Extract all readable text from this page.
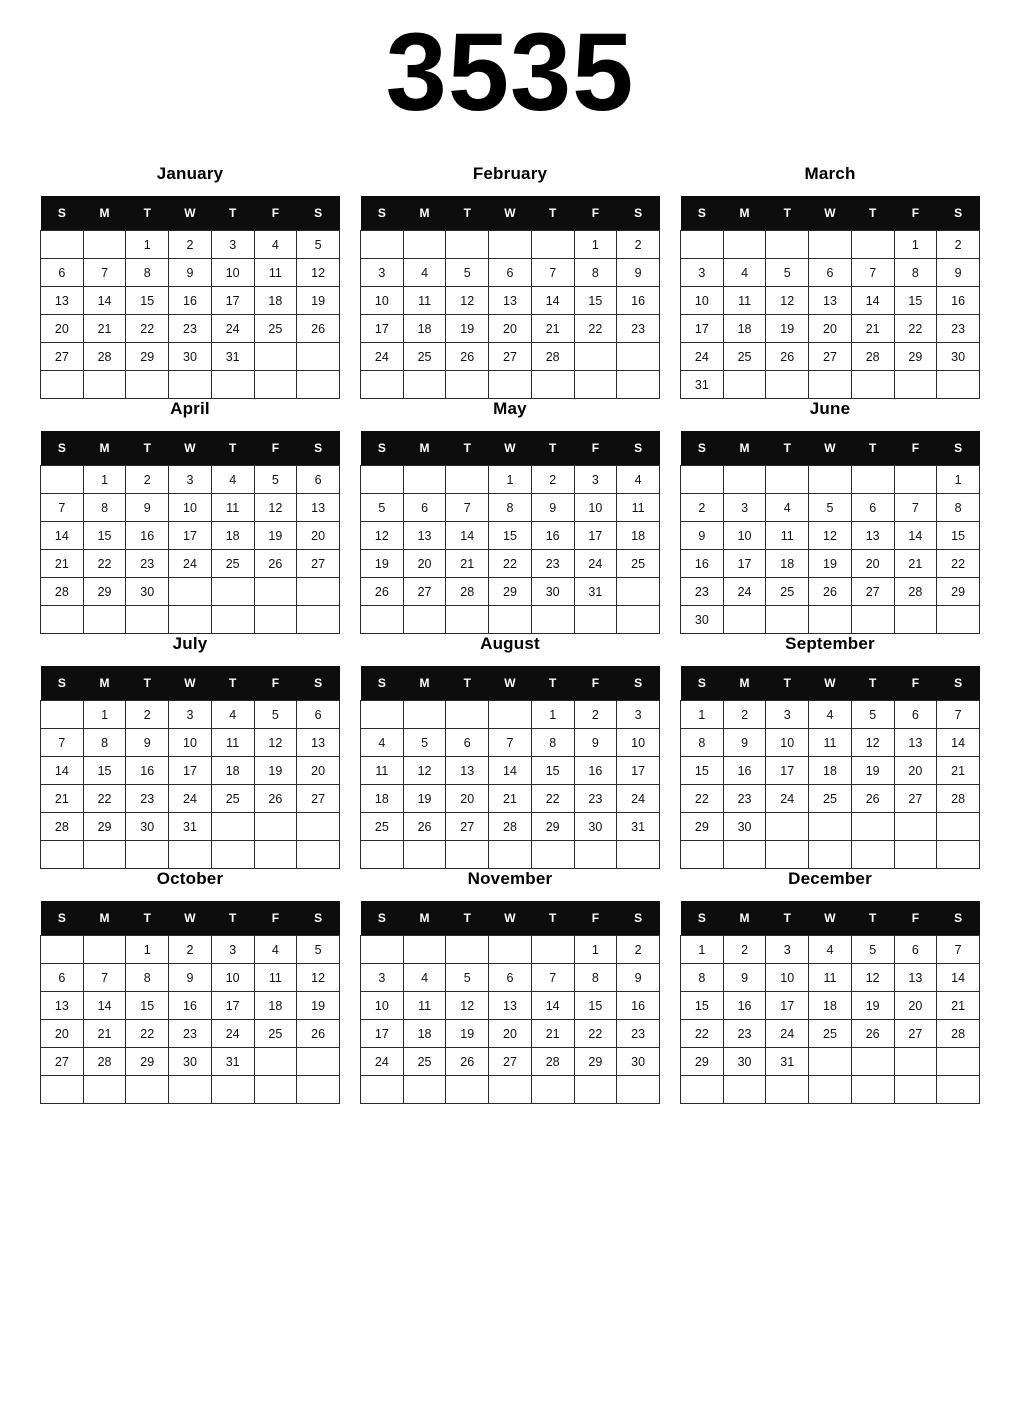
3535
January
S	M	T	W	T	F	S
		1	2	3	4	5
6	7	8	9	10	11	12
13	14	15	16	17	18	19
20	21	22	23	24	25	26
27	28	29	30	31		

February
S	M	T	W	T	F	S
					1	2
3	4	5	6	7	8	9
10	11	12	13	14	15	16
17	18	19	20	21	22	23
24	25	26	27	28		

March
S	M	T	W	T	F	S
					1	2
3	4	5	6	7	8	9
10	11	12	13	14	15	16
17	18	19	20	21	22	23
24	25	26	27	28	29	30
31						
April
S	M	T	W	T	F	S
	1	2	3	4	5	6
7	8	9	10	11	12	13
14	15	16	17	18	19	20
21	22	23	24	25	26	27
28	29	30				

May
S	M	T	W	T	F	S
			1	2	3	4
5	6	7	8	9	10	11
12	13	14	15	16	17	18
19	20	21	22	23	24	25
26	27	28	29	30	31	

June
S	M	T	W	T	F	S
						1
2	3	4	5	6	7	8
9	10	11	12	13	14	15
16	17	18	19	20	21	22
23	24	25	26	27	28	29
30						
July
S	M	T	W	T	F	S
	1	2	3	4	5	6
7	8	9	10	11	12	13
14	15	16	17	18	19	20
21	22	23	24	25	26	27
28	29	30	31			

August
S	M	T	W	T	F	S
				1	2	3
4	5	6	7	8	9	10
11	12	13	14	15	16	17
18	19	20	21	22	23	24
25	26	27	28	29	30	31

September
S	M	T	W	T	F	S
1	2	3	4	5	6	7
8	9	10	11	12	13	14
15	16	17	18	19	20	21
22	23	24	25	26	27	28
29	30					

October
S	M	T	W	T	F	S
		1	2	3	4	5
6	7	8	9	10	11	12
13	14	15	16	17	18	19
20	21	22	23	24	25	26
27	28	29	30	31		

November
S	M	T	W	T	F	S
					1	2
3	4	5	6	7	8	9
10	11	12	13	14	15	16
17	18	19	20	21	22	23
24	25	26	27	28	29	30

December
S	M	T	W	T	F	S
1	2	3	4	5	6	7
8	9	10	11	12	13	14
15	16	17	18	19	20	21
22	23	24	25	26	27	28
29	30	31				
